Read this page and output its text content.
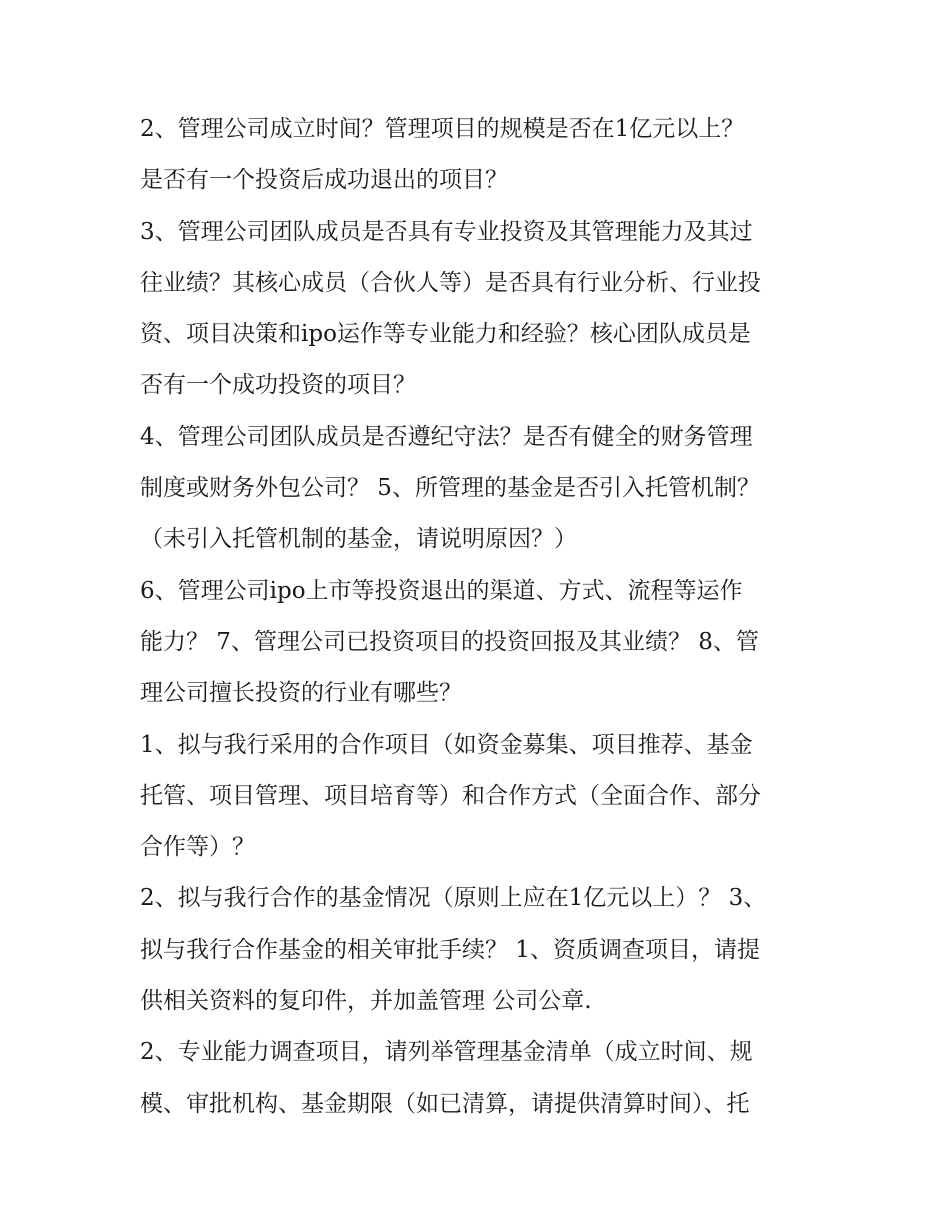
2、管理公司成立时间？管理项目的规模是否在1亿元以上？
是否有一个投资后成功退出的项目？
3、管理公司团队成员是否具有专业投资及其管理能力及其过
往业绩？其核心成员（合伙人等）是否具有行业分析、行业投
资、项目决策和ipo运作等专业能力和经验？核心团队成员是
否有一个成功投资的项目？
4、管理公司团队成员是否遵纪守法？是否有健全的财务管理
制度或财务外包公司？ 5、所管理的基金是否引入托管机制？
（未引入托管机制的基金，请说明原因？）
6、管理公司ipo上市等投资退出的渠道、方式、流程等运作
能力？ 7、管理公司已投资项目的投资回报及其业绩？ 8、管
理公司擅长投资的行业有哪些？
1、拟与我行采用的合作项目（如资金募集、项目推荐、基金
托管、项目管理、项目培育等）和合作方式（全面合作、部分
合作等）？
2、拟与我行合作的基金情况（原则上应在1亿元以上）？ 3、
拟与我行合作基金的相关审批手续？ 1、资质调查项目，请提
供相关资料的复印件，并加盖管理 公司公章.
2、专业能力调查项目，请列举管理基金清单（成立时间、规
模、审批机构、基金期限（如已清算，请提供清算时间）、托
